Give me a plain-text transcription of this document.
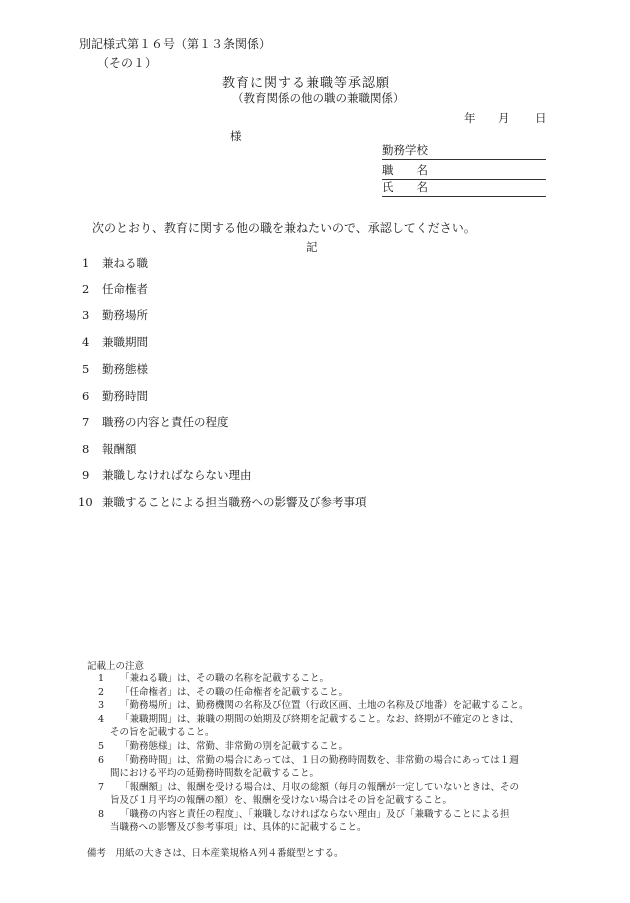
別記様式第１６号（第１３条関係）
（その１）
教育に関する兼職等承認願
（教育関係の他の職の兼職関係）
年 月 日
様
勤務学校
職　　名
氏　　名
次のとおり、教育に関する他の職を兼ねたいので、承認してください。
記
1 兼ねる職
2 任命権者
3 勤務場所
4 兼職期間
5 勤務態様
6 勤務時間
7 職務の内容と責任の程度
8 報酬額
9 兼職しなければならない理由
10 兼職することによる担当職務への影響及び参考事項
記載上の注意
1 「兼ねる職」は、その職の名称を記載すること。
2 「任命権者」は、その職の任命権者を記載すること。
3 「勤務場所」は、勤務機関の名称及び位置（行政区画、土地の名称及び地番）を記載すること。
4 「兼職期間」は、兼職の期間の始期及び終期を記載すること。なお、終期が不確定のときは、
その旨を記載すること。
5 「勤務態様」は、常勤、非常勤の別を記載すること。
6 「勤務時間」は、常勤の場合にあっては、１日の勤務時間数を、非常勤の場合にあっては１週
間における平均の延勤務時間数を記載すること。
7 「報酬額」は、報酬を受ける場合は、月収の総額（毎月の報酬が一定していないときは、その
旨及び１月平均の報酬の額）を、報酬を受けない場合はその旨を記載すること。
8 「職務の内容と責任の程度」、「兼職しなければならない理由」及び「兼職することによる担
当職務への影響及び参考事項」は、具体的に記載すること。
備考　用紙の大きさは、日本産業規格Ａ列４番縦型とする。
